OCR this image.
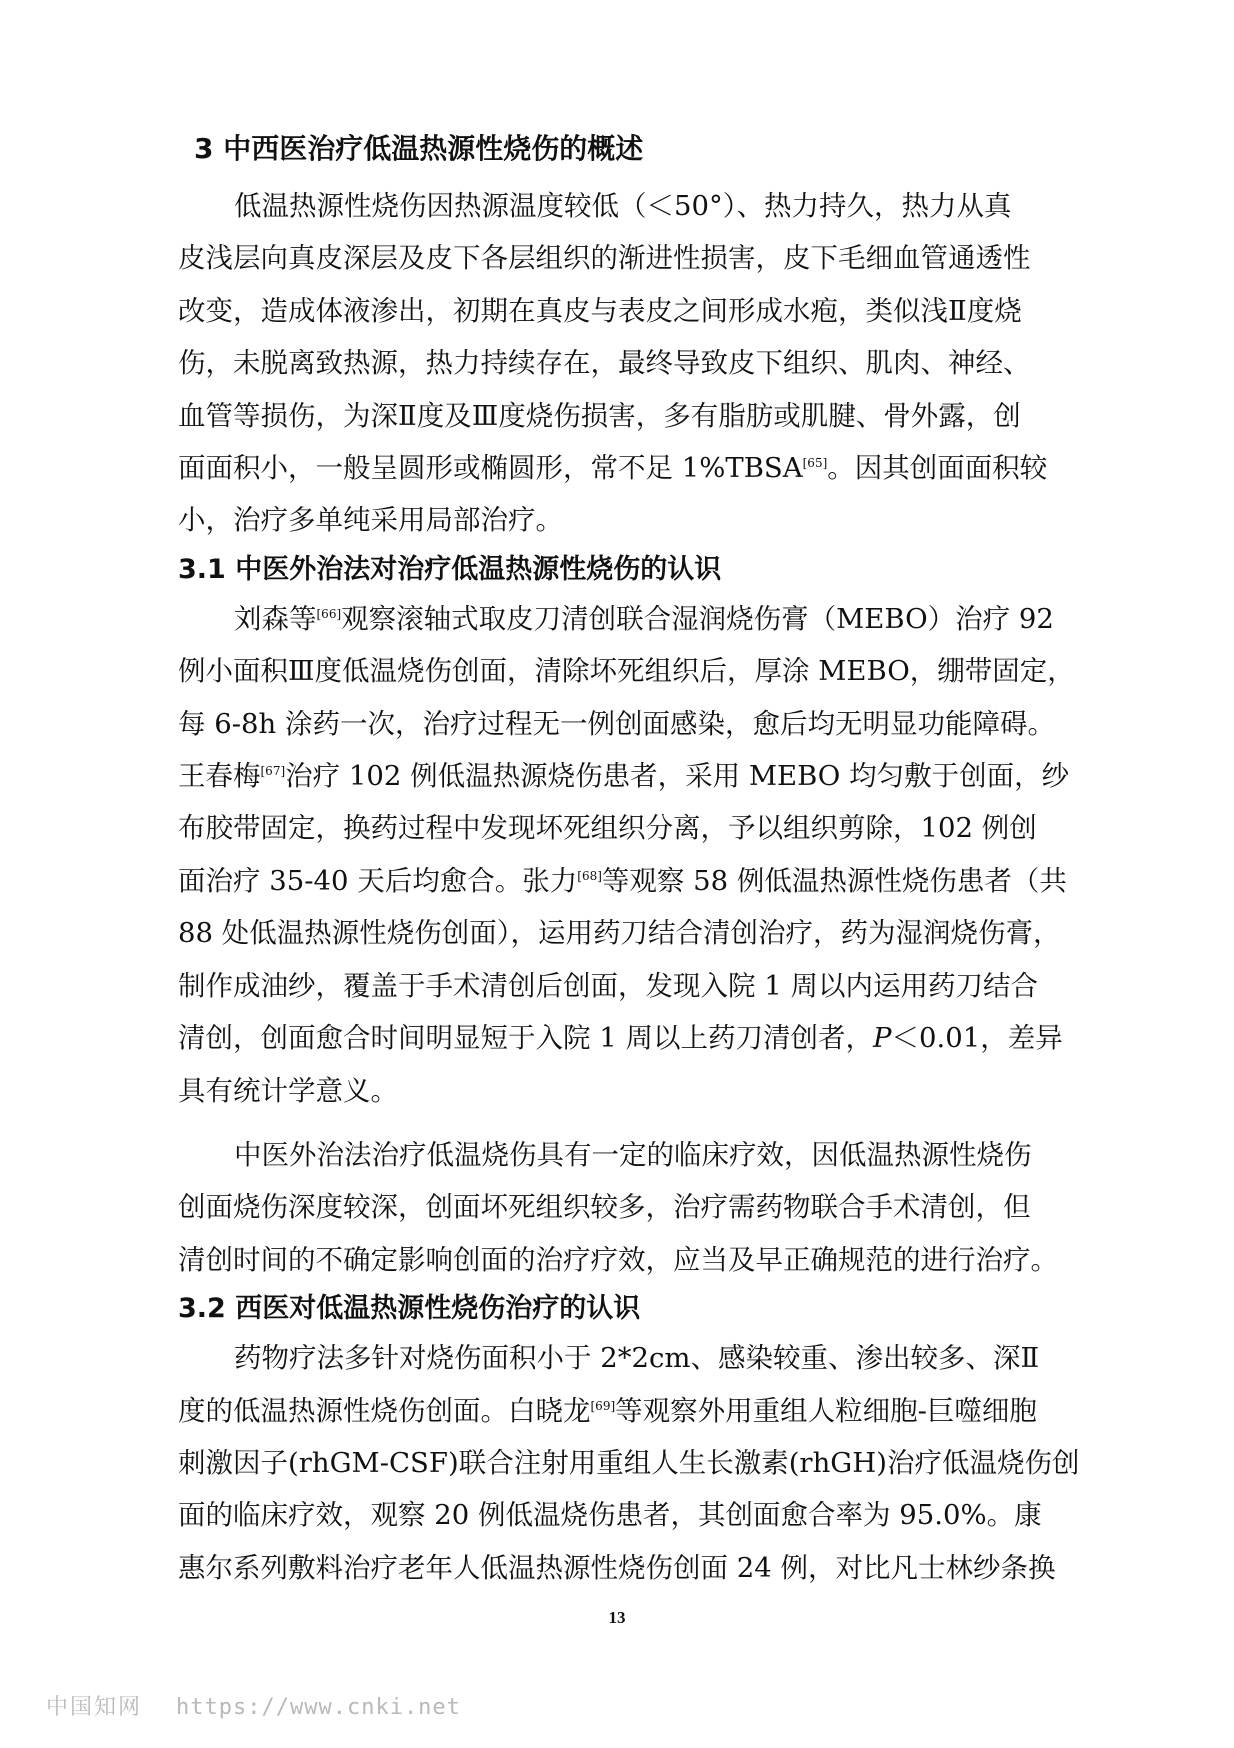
3 中西医治疗低温热源性烧伤的概述

低温热源性烧伤因热源温度较低（＜50°）、热力持久，热力从真

皮浅层向真皮深层及皮下各层组织的渐进性损害，皮下毛细血管通透性

改变，造成体液渗出，初期在真皮与表皮之间形成水疱，类似浅Ⅱ度烧

伤，未脱离致热源，热力持续存在，最终导致皮下组织、肌肉、神经、

血管等损伤，为深Ⅱ度及Ⅲ度烧伤损害，多有脂肪或肌腱、骨外露，创

面面积小，一般呈圆形或椭圆形，常不足 1%TBSA[65]。因其创面面积较

小，治疗多单纯采用局部治疗。

3.1 中医外治法对治疗低温热源性烧伤的认识

刘森等[66]观察滚轴式取皮刀清创联合湿润烧伤膏（MEBO）治疗 92

例小面积Ⅲ度低温烧伤创面，清除坏死组织后，厚涂 MEBO，绷带固定，

每 6-8h 涂药一次，治疗过程无一例创面感染，愈后均无明显功能障碍。

王春梅[67]治疗 102 例低温热源烧伤患者，采用 MEBO 均匀敷于创面，纱

布胶带固定，换药过程中发现坏死组织分离，予以组织剪除，102 例创

面治疗 35-40 天后均愈合。张力[68]等观察 58 例低温热源性烧伤患者（共

88 处低温热源性烧伤创面），运用药刀结合清创治疗，药为湿润烧伤膏，

制作成油纱，覆盖于手术清创后创面，发现入院 1 周以内运用药刀结合

清创，创面愈合时间明显短于入院 1 周以上药刀清创者，P＜0.01，差异

具有统计学意义。

中医外治法治疗低温烧伤具有一定的临床疗效，因低温热源性烧伤

创面烧伤深度较深，创面坏死组织较多，治疗需药物联合手术清创，但

清创时间的不确定影响创面的治疗疗效，应当及早正确规范的进行治疗。

3.2 西医对低温热源性烧伤治疗的认识

药物疗法多针对烧伤面积小于 2*2cm、感染较重、渗出较多、深Ⅱ

度的低温热源性烧伤创面。白晓龙[69]等观察外用重组人粒细胞-巨噬细胞

刺激因子(rhGM-CSF)联合注射用重组人生长激素(rhGH)治疗低温烧伤创

面的临床疗效，观察 20 例低温烧伤患者，其创面愈合率为 95.0%。康

惠尔系列敷料治疗老年人低温热源性烧伤创面 24 例，对比凡士林纱条换

13
中国知网 https://www.cnki.net
